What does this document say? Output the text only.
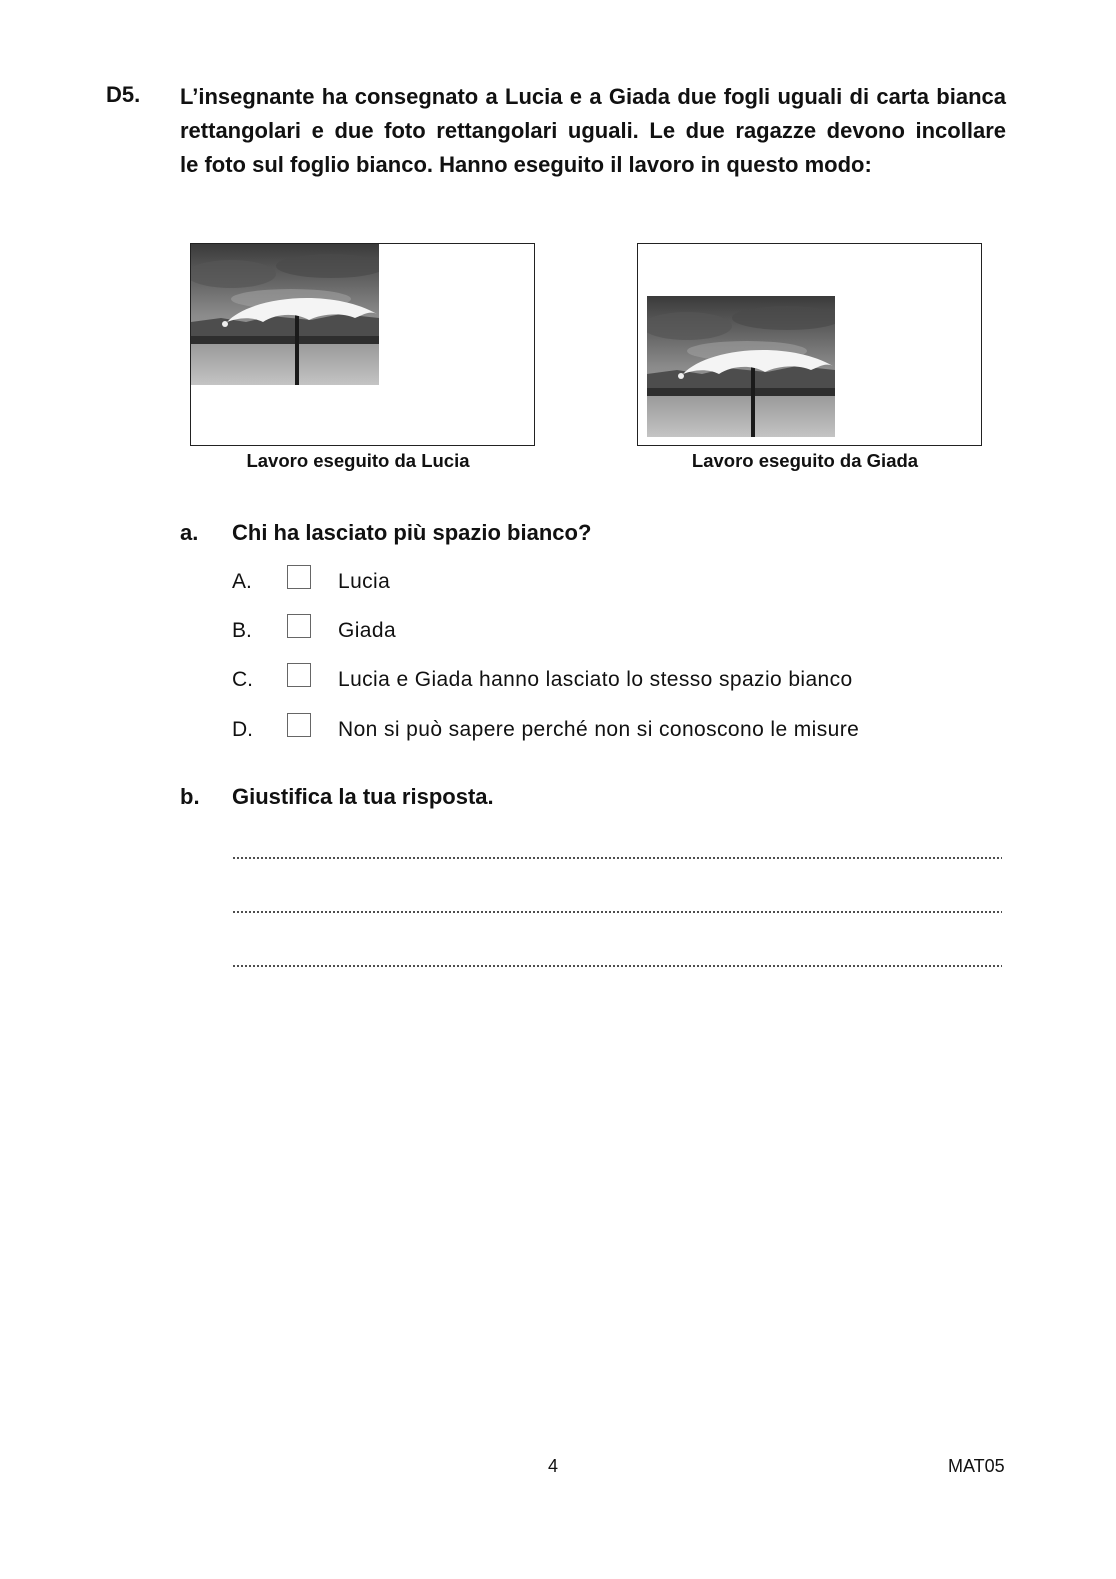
D5. L’insegnante ha consegnato a Lucia e a Giada due fogli uguali di carta bianca
rettangolari e due foto rettangolari uguali. Le due ragazze devono incollare
le foto sul foglio bianco. Hanno eseguito il lavoro in questo modo:
Lavoro eseguito da Lucia	Lavoro eseguito da Giada
a. Chi ha lasciato più spazio bianco?
A.	Lucia
B.	Giada
C.	Lucia e Giada hanno lasciato lo stesso spazio bianco
D.	Non si può sapere perché non si conoscono le misure
b. Giustifica la tua risposta.
4	MAT05
